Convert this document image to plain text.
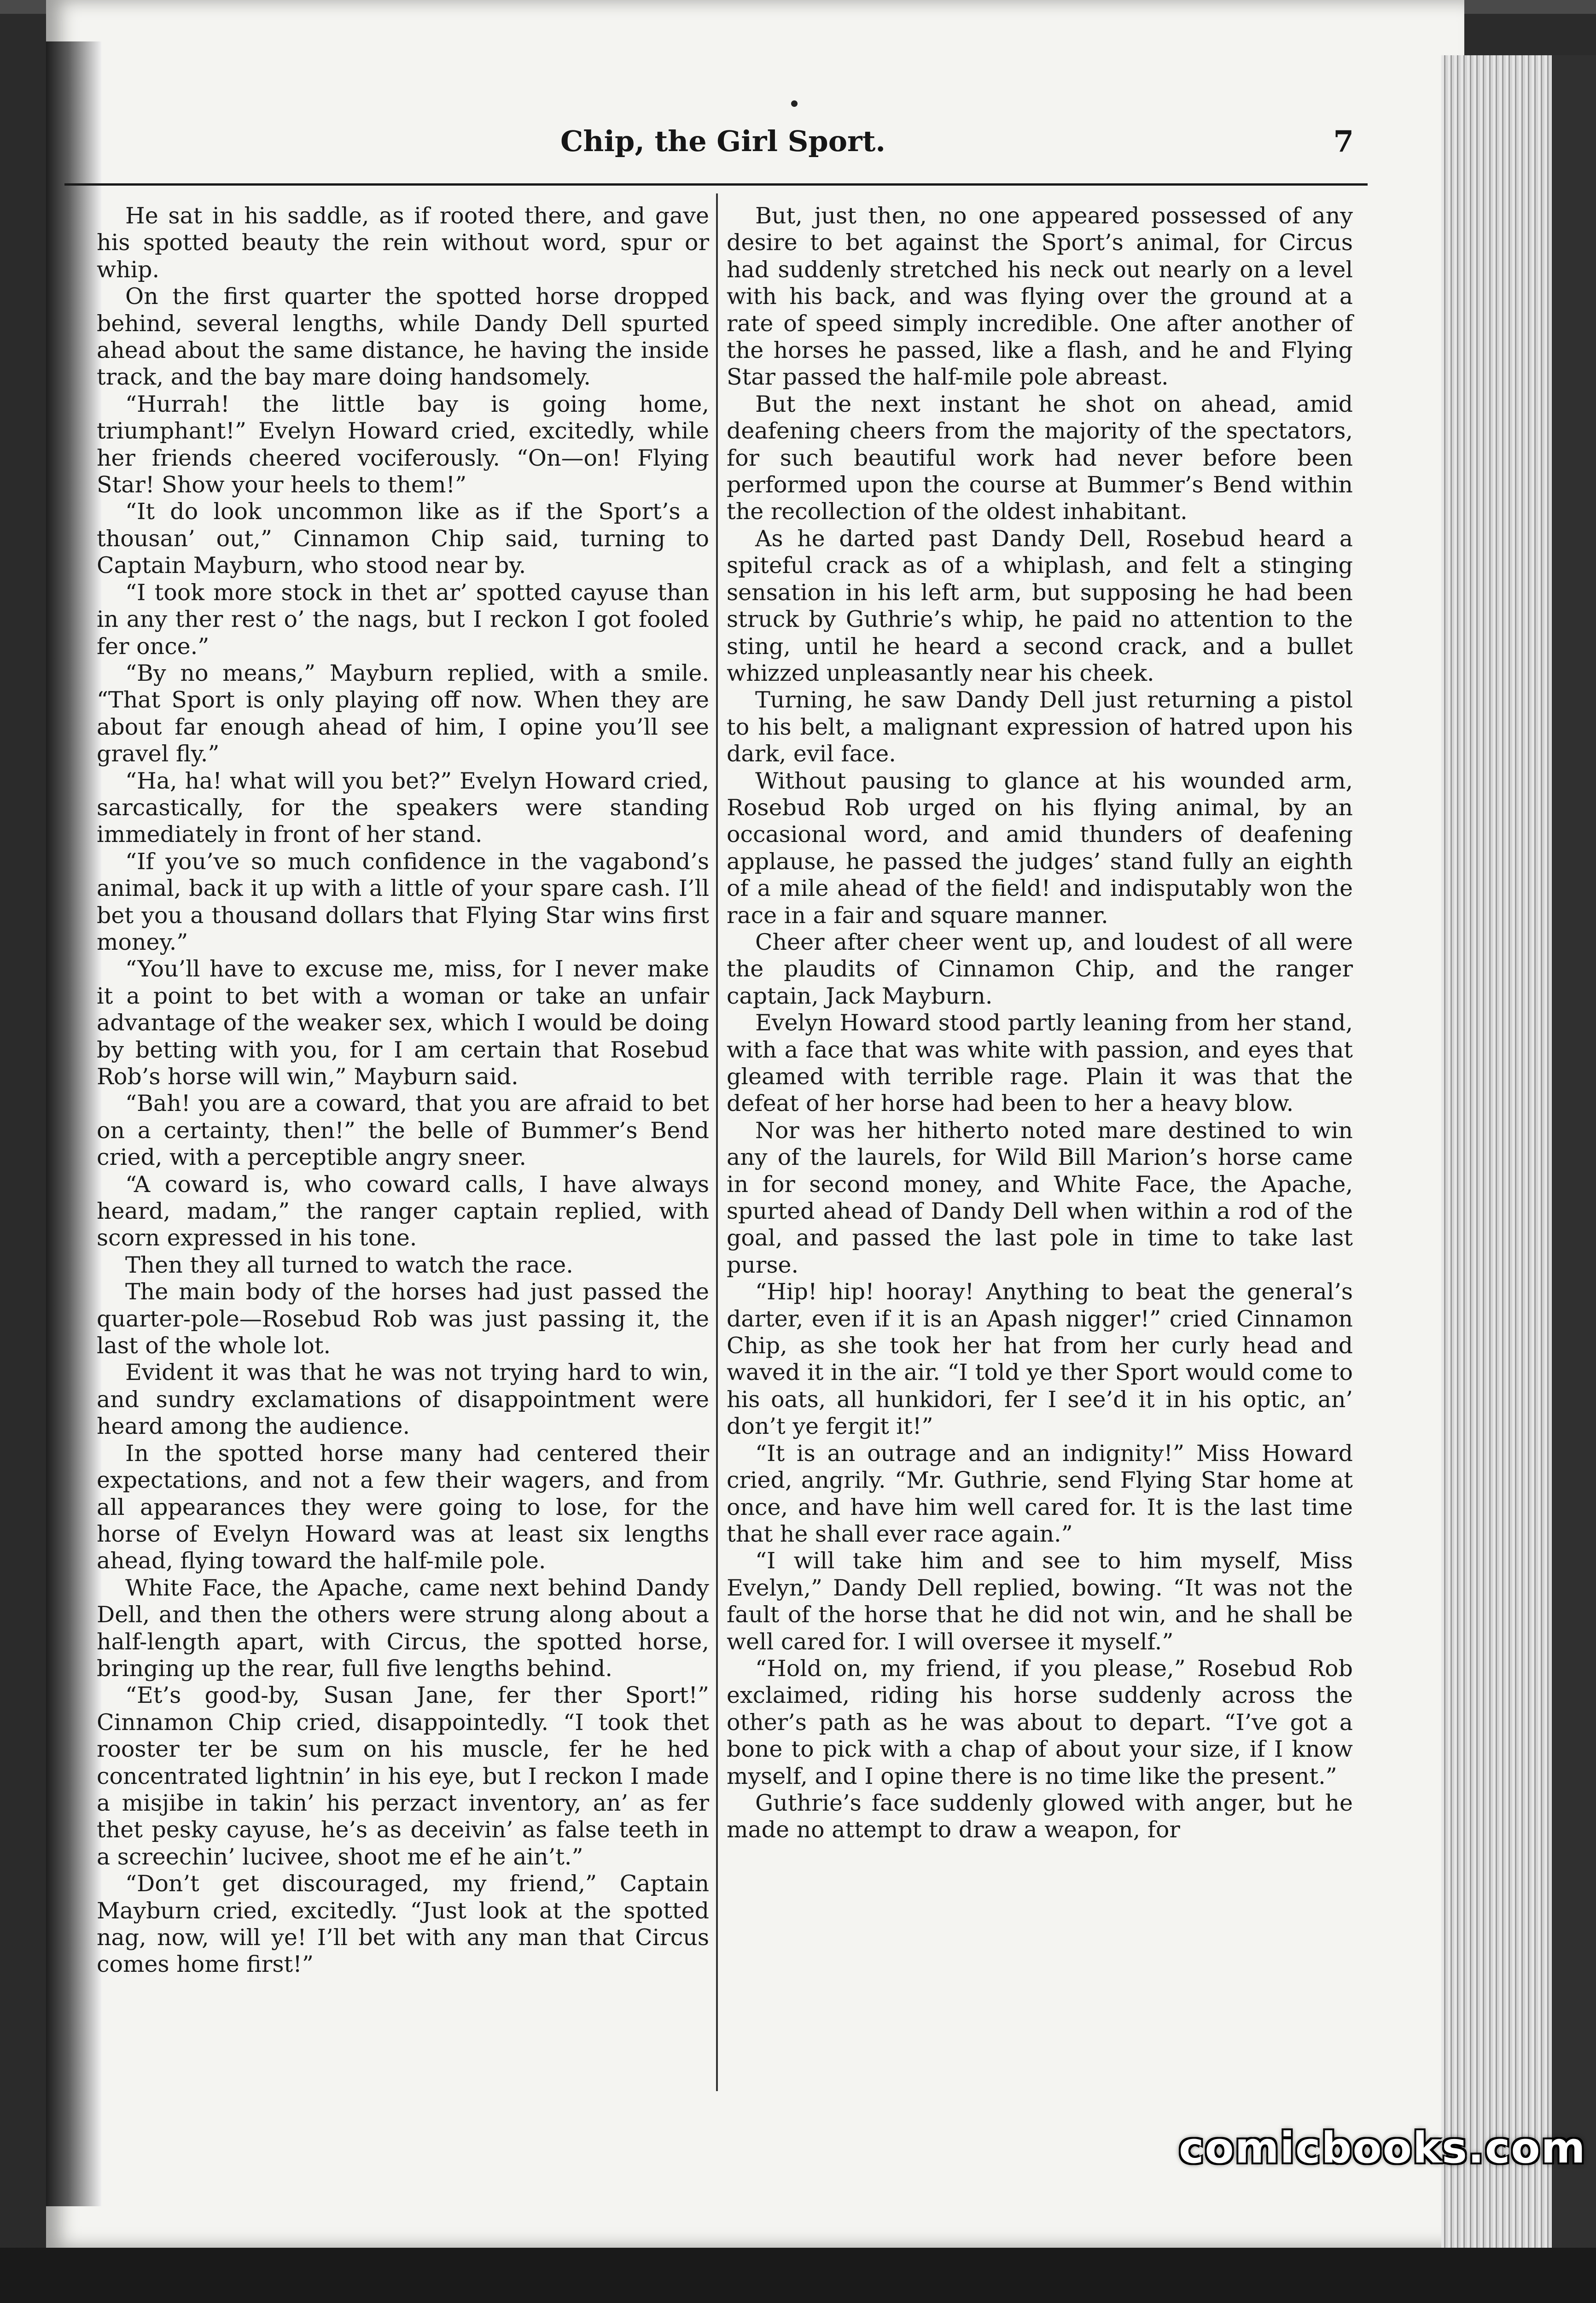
Chip, the Girl Sport.	7

He sat in his saddle, as if rooted there, and gave his spotted beauty the rein without word, spur or whip.

On the first quarter the spotted horse dropped behind, several lengths, while Dandy Dell spurted ahead about the same distance, he having the inside track, and the bay mare doing handsomely.

“Hurrah! the little bay is going home, triumphant!” Evelyn Howard cried, excitedly, while her friends cheered vociferously. “On—on! Flying Star! Show your heels to them!”

“It do look uncommon like as if the Sport’s a thousan’ out,” Cinnamon Chip said, turning to Captain Mayburn, who stood near by.

“I took more stock in thet ar’ spotted cayuse than in any ther rest o’ the nags, but I reckon I got fooled fer once.”

“By no means,” Mayburn replied, with a smile. “That Sport is only playing off now. When they are about far enough ahead of him, I opine you’ll see gravel fly.”

“Ha, ha! what will you bet?” Evelyn Howard cried, sarcastically, for the speakers were standing immediately in front of her stand.

“If you’ve so much confidence in the vagabond’s animal, back it up with a little of your spare cash. I’ll bet you a thousand dollars that Flying Star wins first money.”

“You’ll have to excuse me, miss, for I never make it a point to bet with a woman or take an unfair advantage of the weaker sex, which I would be doing by betting with you, for I am certain that Rosebud Rob’s horse will win,” Mayburn said.

“Bah! you are a coward, that you are afraid to bet on a certainty, then!” the belle of Bummer’s Bend cried, with a perceptible angry sneer.

“A coward is, who coward calls, I have always heard, madam,” the ranger captain replied, with scorn expressed in his tone.

Then they all turned to watch the race.

The main body of the horses had just passed the quarter-pole—Rosebud Rob was just passing it, the last of the whole lot.

Evident it was that he was not trying hard to win, and sundry exclamations of disappointment were heard among the audience.

In the spotted horse many had centered their expectations, and not a few their wagers, and from all appearances they were going to lose, for the horse of Evelyn Howard was at least six lengths ahead, flying toward the half-mile pole.

White Face, the Apache, came next behind Dandy Dell, and then the others were strung along about a half-length apart, with Circus, the spotted horse, bringing up the rear, full five lengths behind.

“Et’s good-by, Susan Jane, fer ther Sport!” Cinnamon Chip cried, disappointedly. “I took thet rooster ter be sum on his muscle, fer he hed concentrated lightnin’ in his eye, but I reckon I made a misjibe in takin’ his perzact inventory, an’ as fer thet pesky cayuse, he’s as deceivin’ as false teeth in a screechin’ lucivee, shoot me ef he ain’t.”

“Don’t get discouraged, my friend,” Captain Mayburn cried, excitedly. “Just look at the spotted nag, now, will ye! I’ll bet with any man that Circus comes home first!”

But, just then, no one appeared possessed of any desire to bet against the Sport’s animal, for Circus had suddenly stretched his neck out nearly on a level with his back, and was flying over the ground at a rate of speed simply incredible. One after another of the horses he passed, like a flash, and he and Flying Star passed the half-mile pole abreast.

But the next instant he shot on ahead, amid deafening cheers from the majority of the spectators, for such beautiful work had never before been performed upon the course at Bummer’s Bend within the recollection of the oldest inhabitant.

As he darted past Dandy Dell, Rosebud heard a spiteful crack as of a whiplash, and felt a stinging sensation in his left arm, but supposing he had been struck by Guthrie’s whip, he paid no attention to the sting, until he heard a second crack, and a bullet whizzed unpleasantly near his cheek.

Turning, he saw Dandy Dell just returning a pistol to his belt, a malignant expression of hatred upon his dark, evil face.

Without pausing to glance at his wounded arm, Rosebud Rob urged on his flying animal, by an occasional word, and amid thunders of deafening applause, he passed the judges’ stand fully an eighth of a mile ahead of the field! and indisputably won the race in a fair and square manner.

Cheer after cheer went up, and loudest of all were the plaudits of Cinnamon Chip, and the ranger captain, Jack Mayburn.

Evelyn Howard stood partly leaning from her stand, with a face that was white with passion, and eyes that gleamed with terrible rage. Plain it was that the defeat of her horse had been to her a heavy blow.

Nor was her hitherto noted mare destined to win any of the laurels, for Wild Bill Marion’s horse came in for second money, and White Face, the Apache, spurted ahead of Dandy Dell when within a rod of the goal, and passed the last pole in time to take last purse.

“Hip! hip! hooray! Anything to beat the general’s darter, even if it is an Apash nigger!” cried Cinnamon Chip, as she took her hat from her curly head and waved it in the air. “I told ye ther Sport would come to his oats, all hunkidori, fer I see’d it in his optic, an’ don’t ye fergit it!”

“It is an outrage and an indignity!” Miss Howard cried, angrily. “Mr. Guthrie, send Flying Star home at once, and have him well cared for. It is the last time that he shall ever race again.”

“I will take him and see to him myself, Miss Evelyn,” Dandy Dell replied, bowing. “It was not the fault of the horse that he did not win, and he shall be well cared for. I will oversee it myself.”

“Hold on, my friend, if you please,” Rosebud Rob exclaimed, riding his horse suddenly across the other’s path as he was about to depart. “I’ve got a bone to pick with a chap of about your size, if I know myself, and I opine there is no time like the present.”

Guthrie’s face suddenly glowed with anger, but he made no attempt to draw a weapon, for

comicbooks.com
